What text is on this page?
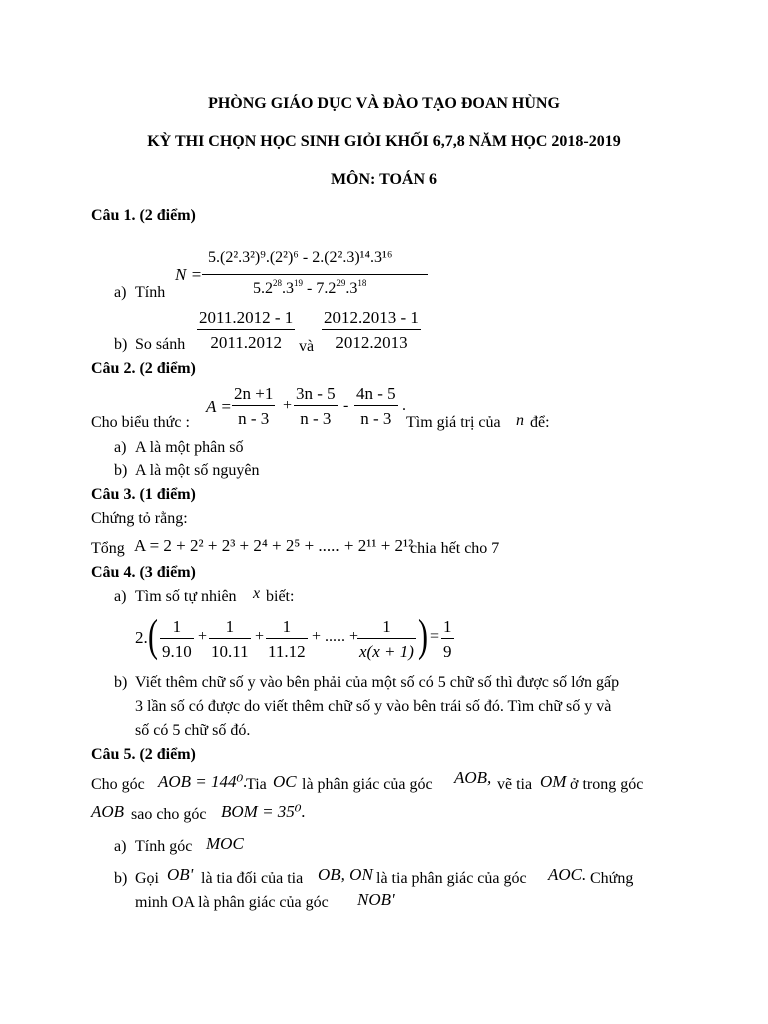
PHÒNG GIÁO DỤC VÀ ĐÀO TẠO ĐOAN HÙNG
KỲ THI CHỌN HỌC SINH GIỎI KHỐI 6,7,8 NĂM HỌC 2018-2019
MÔN: TOÁN 6
Câu 1. (2 điểm)
a) Tính
N =
5.(2².3²)⁹.(2²)⁶ - 2.(2².3)¹⁴.3¹⁶
$5.2^{28}.3^{19} - 7.2^{29}.3^{18}$
b) So sánh $\frac{2011.2012 - 1}{2011.2012}$ và $\frac{2012.2013 - 1}{2012.2013}$
Câu 2. (2 điểm)
Cho biểu thức :
$A = \frac{2n +1}{n - 3} + \frac{3n - 5}{n - 3} - \frac{4n - 5}{n - 3}$ .
Tìm giá trị của n để:
a) A là một phân số
b) A là một số nguyên
Câu 3. (1 điểm)
Chứng tỏ rằng:
Tổng A = 2 + 2² + 2³ + 2⁴ + 2⁵ + ..... + 2¹¹ + 2¹²
chia hết cho 7
Câu 4. (3 điểm)
a) Tìm số tự nhiên x biết:
2. ( $\frac{1}{9.10} + \frac{1}{10.11} + \frac{1}{11.12}$ + ..... +
$\frac{1}{x(x + 1)}$ ) = $\frac{1}{9}$
b) Viết thêm chữ số y vào bên phải của một số có 5 chữ số thì được số lớn gấp
3 lần số có được do viết thêm chữ số y vào bên trái số đó. Tìm chữ số y và
số có 5 chữ số đó.
Câu 5. (2 điểm)
Cho góc AOB = 144⁰.
Tia OC là phân giác của góc AOB, vẽ tia OM ở trong góc
AOB sao cho góc BOM = 35⁰.
a) Tính góc MOC
b) Gọi OB' là tia đối của tia OB, ON là tia phân giác của góc AOC. Chứng
minh OA là phân giác của góc NOB'
